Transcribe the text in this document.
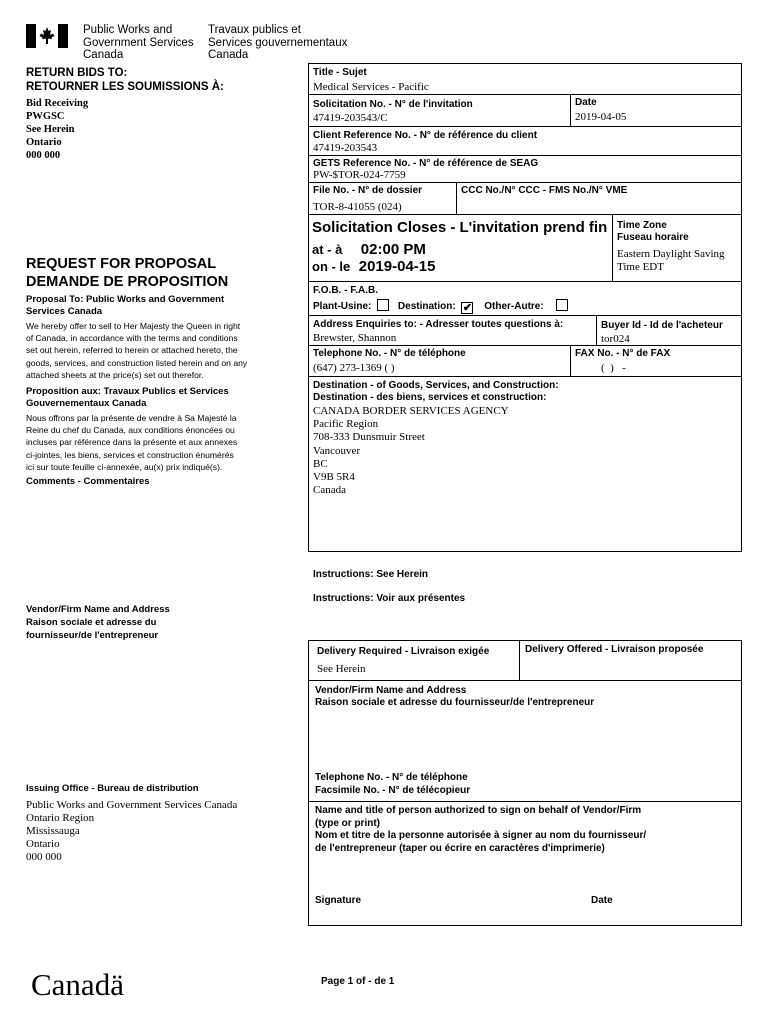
Public Works and
Government Services
Canada
Travaux publics et
Services gouvernementaux
Canada
RETURN BIDS TO:
RETOURNER LES SOUMISSIONS À:
Bid Receiving
PWGSC
See Herein
Ontario
000 000
REQUEST FOR PROPOSAL
DEMANDE DE PROPOSITION
Proposal To: Public Works and Government
Services Canada
We hereby offer to sell to Her Majesty the Queen in right
of Canada, in accordance with the terms and conditions
set out herein, referred to herein or attached hereto, the
goods, services, and construction listed herein and on any
attached sheets at the price(s) set out therefor.
Proposition aux: Travaux Publics et Services
Gouvernementaux Canada
Nous offrons par la présente de vendre à Sa Majesté la
Reine du chef du Canada, aux conditions énoncées ou
incluses par référence dans la présente et aux annexes
ci-jointes, les biens, services et construction énumérés
ici sur toute feuille ci-annexée, au(x) prix indiqué(s).
Comments - Commentaires
Vendor/Firm Name and Address
Raison sociale et adresse du
fournisseur/de l'entrepreneur
Issuing Office - Bureau de distribution
Public Works and Government Services Canada
Ontario Region
Mississauga
Ontario
000 000
Title - Sujet
Medical Services - Pacific
Solicitation No. - N° de l'invitation
47419-203543/C
Date
2019-04-05
Client Reference No. - N° de référence du client
47419-203543
GETS Reference No. - N° de référence de SEAG
PW-$TOR-024-7759
File No. - N° de dossier
TOR-8-41055 (024)
CCC No./N° CCC - FMS No./N° VME
Solicitation Closes - L'invitation prend fin
at - à 02:00 PM
on - le 2019-04-15
Time Zone
Fuseau horaire
Eastern Daylight Saving
Time EDT
F.O.B. - F.A.B.
Plant-Usine:	Destination: ✔ Other-Autre:
Address Enquiries to: - Adresser toutes questions à:
Brewster, Shannon
Buyer Id - Id de l'acheteur
tor024
Telephone No. - N° de téléphone
(647) 273-1369 ( )
FAX No. - N° de FAX
(  )   -
Destination - of Goods, Services, and Construction:
Destination - des biens, services et construction:
CANADA BORDER SERVICES AGENCY
Pacific Region
708-333 Dunsmuir Street
Vancouver
BC
V9B 5R4
Canada
Instructions: See Herein
Instructions: Voir aux présentes
Delivery Required - Livraison exigée
See Herein
Delivery Offered - Livraison proposée
Vendor/Firm Name and Address
Raison sociale et adresse du fournisseur/de l'entrepreneur
Telephone No. - N° de téléphone
Facsimile No. - N° de télécopieur
Name and title of person authorized to sign on behalf of Vendor/Firm
(type or print)
Nom et titre de la personne autorisée à signer au nom du fournisseur/
de l'entrepreneur (taper ou écrire en caractères d'imprimerie)
Signature	Date
Canadä	Page 1 of - de 1
